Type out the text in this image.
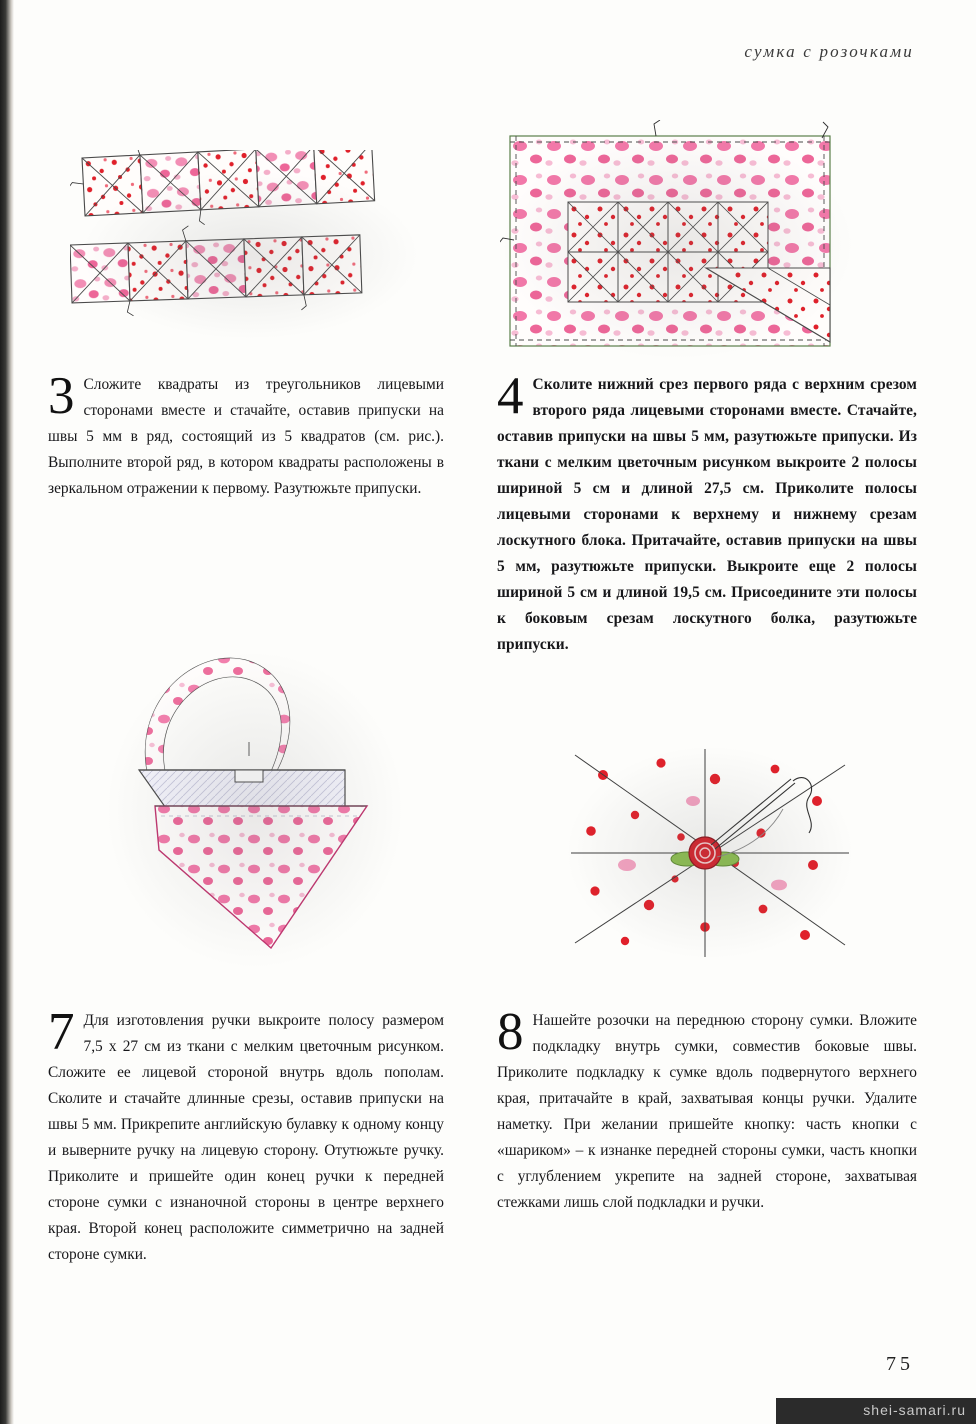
сумка с розочками
3 Сложите квадраты из треугольников лицевыми сторонами вместе и стачайте, оставив припуски на швы 5 мм в ряд, состоящий из 5 квадратов (см. рис.). Выполните второй ряд, в котором квадраты расположены в зеркальном отражении к первому. Разутюжьте припуски.

4 Сколите нижний срез первого ряда с верхним срезом второго ряда лицевыми сторонами вместе. Стачайте, оставив припуски на швы 5 мм, разутюжьте припуски. Из ткани с мелким цветочным рисунком выкроите 2 полосы шириной 5 см и длиной 27,5 см. Приколите полосы лицевыми сторонами к верхнему и нижнему срезам лоскутного блока. Притачайте, оставив припуски на швы 5 мм, разутюжьте припуски. Выкроите еще 2 полосы шириной 5 см и длиной 19,5 см. Присоедините эти полосы к боковым срезам лоскутного болка, разутюжьте припуски.

7 Для изготовления ручки выкроите полосу размером 7,5 х 27 см из ткани с мелким цветочным рисунком. Сложите ее лицевой стороной внутрь вдоль пополам. Сколите и стачайте длинные срезы, оставив припуски на швы 5 мм. Прикрепите английскую булавку к одному концу и выверните ручку на лицевую сторону. Отутюжьте ручку. Приколите и пришейте один конец ручки к передней стороне сумки с изнаночной стороны в центре верхнего края. Второй конец расположите симметрично на задней стороне сумки.

8 Нашейте розочки на переднюю сторону сумки. Вложите подкладку внутрь сумки, совместив боковые швы. Приколите подкладку к сумке вдоль подвернутого верхнего края, притачайте в край, захватывая концы ручки. Удалите наметку. При желании пришейте кнопку: часть кнопки с «шариком» – к изнанке передней стороны сумки, часть кнопки с углублением укрепите на задней стороне, захватывая стежками лишь слой подкладки и ручки.

75
shei-samari.ru
